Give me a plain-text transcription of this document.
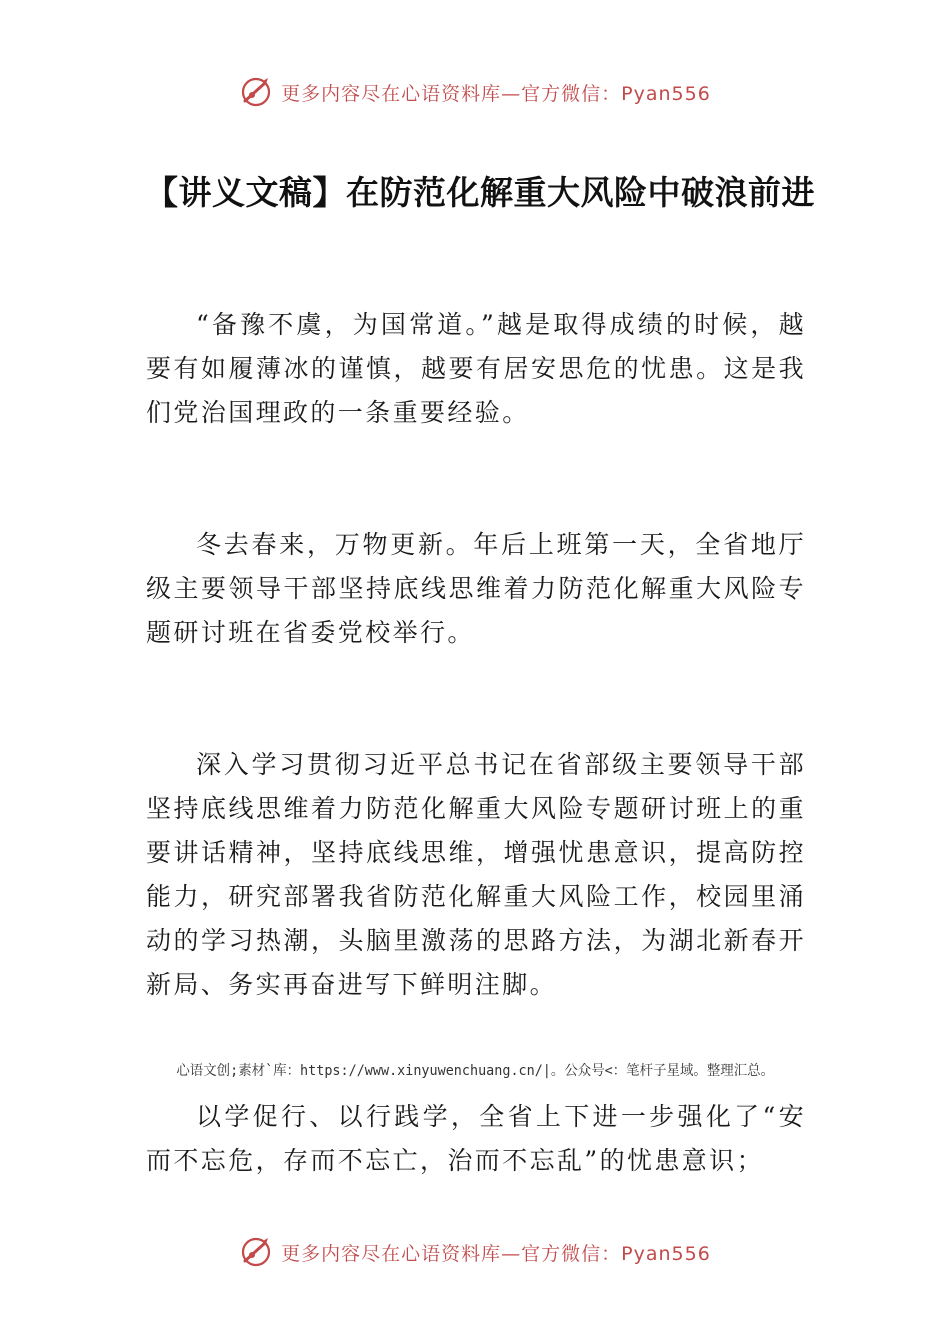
更多内容尽在心语资料库—官方微信：Pyan556
【讲义文稿】在防范化解重大风险中破浪前进

“备豫不虞，为国常道。”越是取得成绩的时候，越要有如履薄冰的谨慎，越要有居安思危的忧患。这是我们党治国理政的一条重要经验。

冬去春来，万物更新。年后上班第一天，全省地厅级主要领导干部坚持底线思维着力防范化解重大风险专题研讨班在省委党校举行。

深入学习贯彻习近平总书记在省部级主要领导干部坚持底线思维着力防范化解重大风险专题研讨班上的重要讲话精神，坚持底线思维，增强忧患意识，提高防控能力，研究部署我省防范化解重大风险工作，校园里涌动的学习热潮，头脑里激荡的思路方法，为湖北新春开新局、务实再奋进写下鲜明注脚。

以学促行、以行践学，全省上下进一步强化了“安而不忘危，存而不忘亡，治而不忘乱”的忧患意识；

心语文创;素材`库：https://www.xinyuwenchuang.cn/|。公众号<：笔杆子星域。整理汇总。
更多内容尽在心语资料库—官方微信：Pyan556
